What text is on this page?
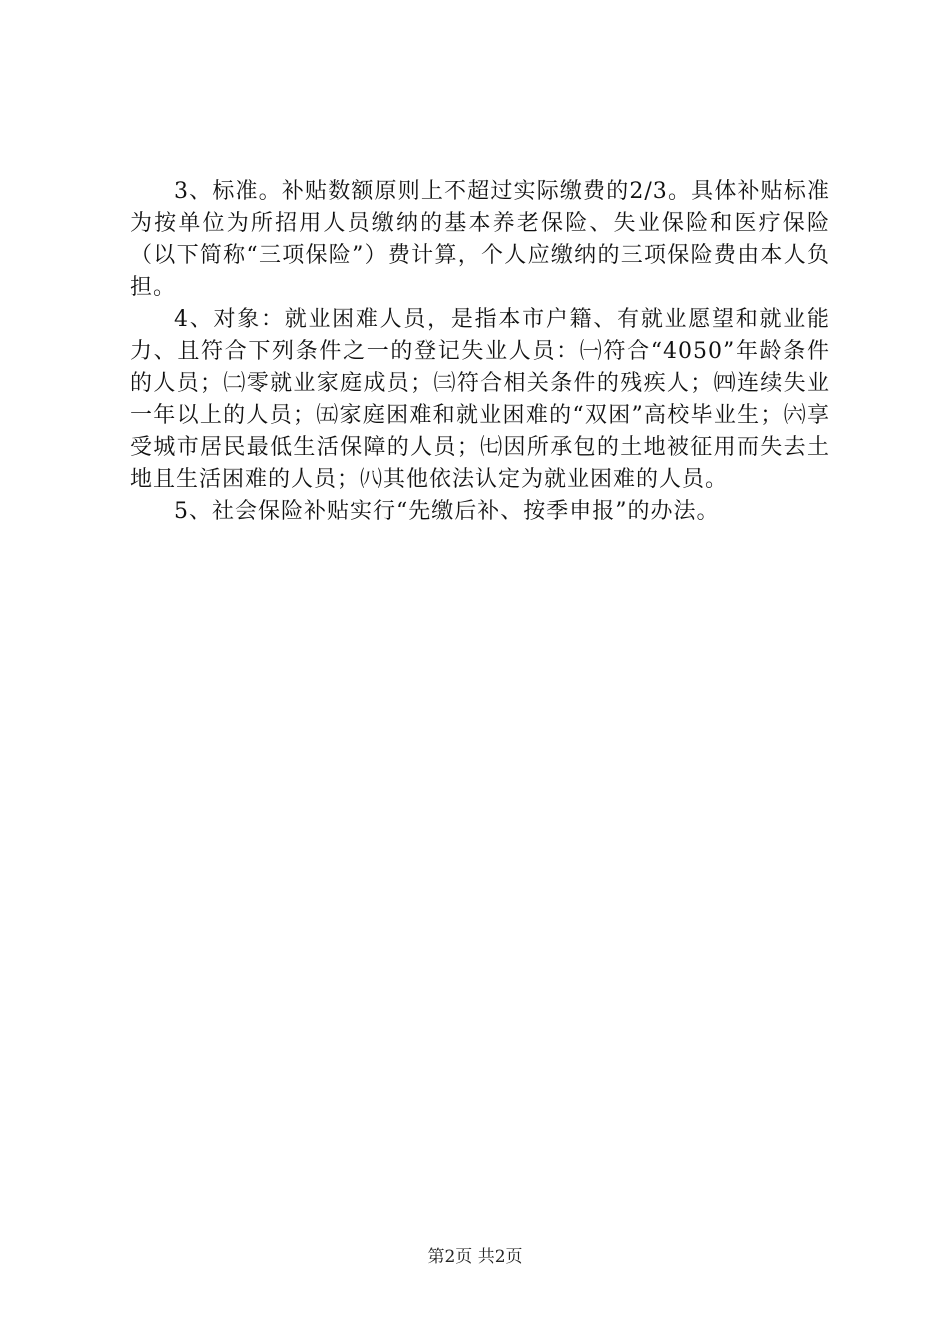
3、标准。补贴数额原则上不超过实际缴费的2/3。具体补贴标准为按单位为所招用人员缴纳的基本养老保险、失业保险和医疗保险（以下简称“三项保险”）费计算，个人应缴纳的三项保险费由本人负担。

4、对象：就业困难人员，是指本市户籍、有就业愿望和就业能力、且符合下列条件之一的登记失业人员：㈠符合“4050”年龄条件的人员；㈡零就业家庭成员；㈢符合相关条件的残疾人；㈣连续失业一年以上的人员；㈤家庭困难和就业困难的“双困”高校毕业生；㈥享受城市居民最低生活保障的人员；㈦因所承包的土地被征用而失去土地且生活困难的人员；㈧其他依法认定为就业困难的人员。

5、社会保险补贴实行“先缴后补、按季申报”的办法。

第2页 共2页
